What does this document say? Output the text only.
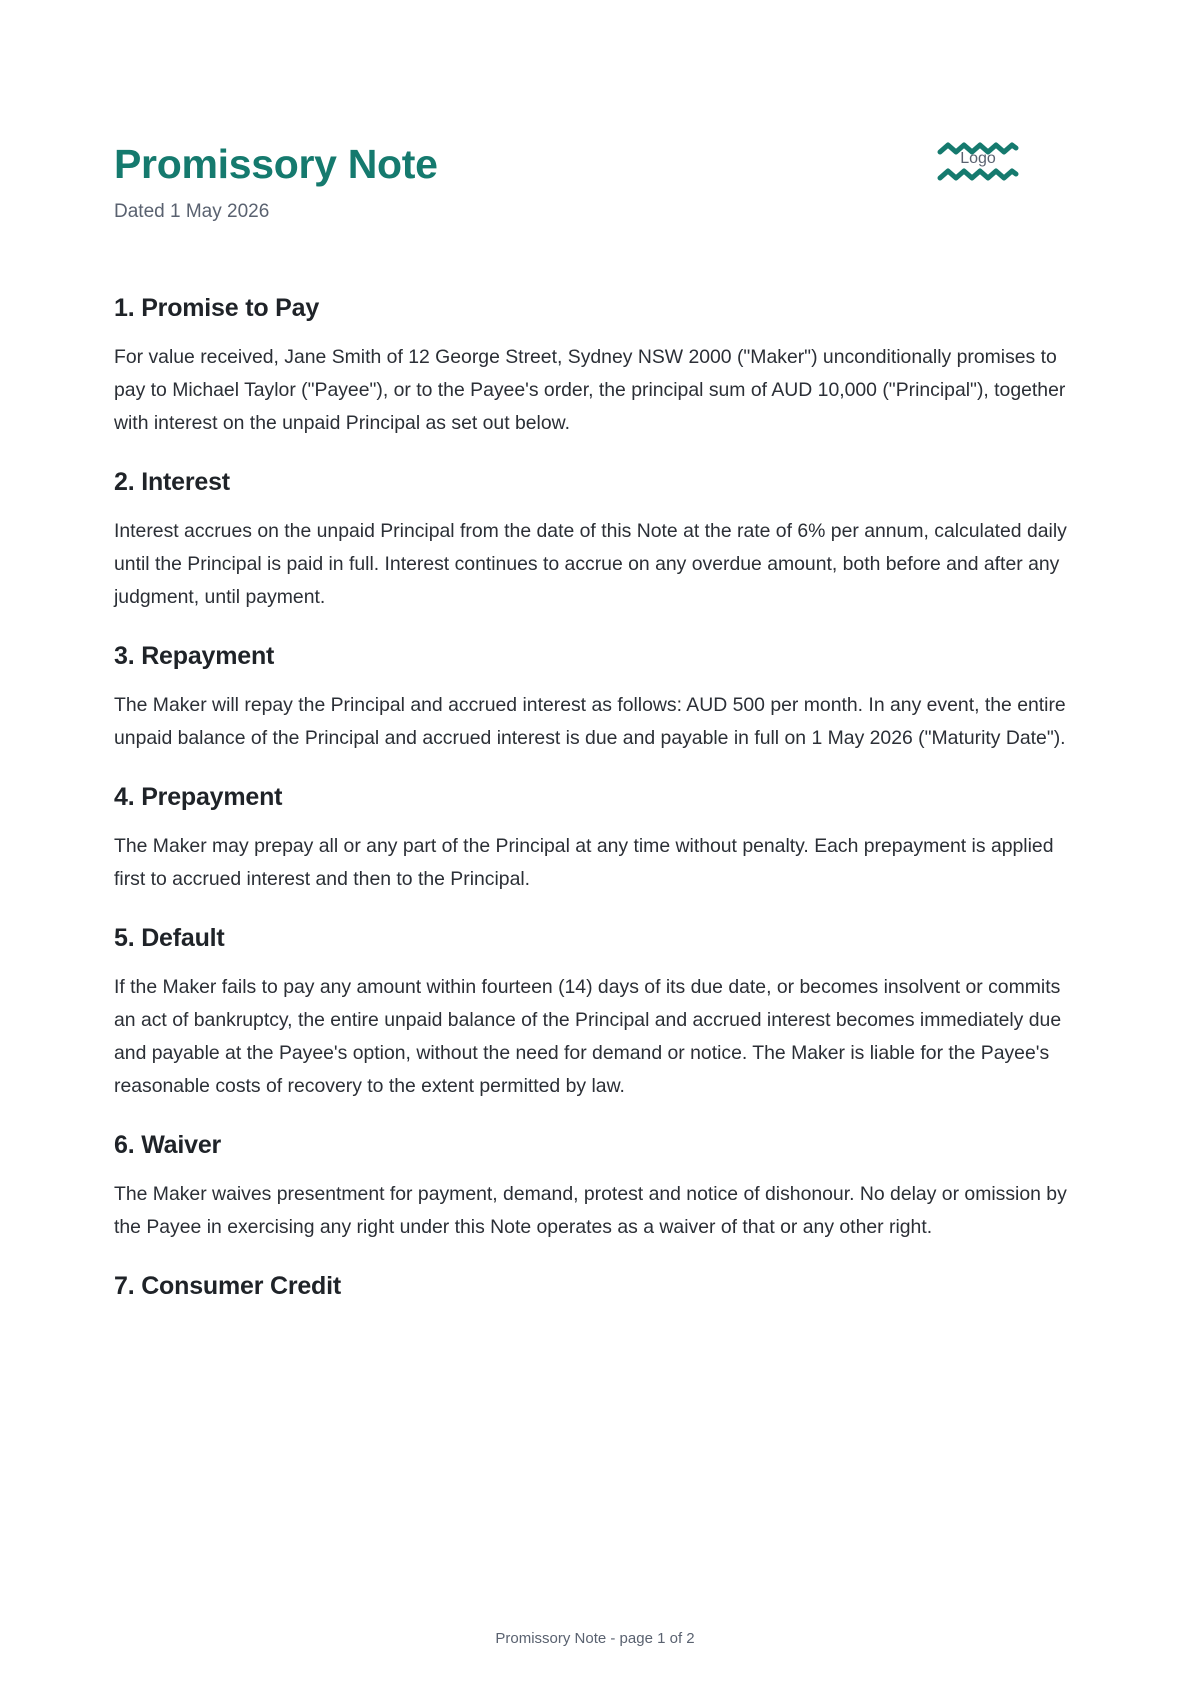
Promissory Note
Dated 1 May 2026
Logo
1. Promise to Pay

For value received, Jane Smith of 12 George Street, Sydney NSW 2000 ("Maker") unconditionally promises to pay to Michael Taylor ("Payee"), or to the Payee's order, the principal sum of AUD 10,000 ("Principal"), together with interest on the unpaid Principal as set out below.

2. Interest

Interest accrues on the unpaid Principal from the date of this Note at the rate of 6% per annum, calculated daily until the Principal is paid in full. Interest continues to accrue on any overdue amount, both before and after any judgment, until payment.

3. Repayment

The Maker will repay the Principal and accrued interest as follows: AUD 500 per month. In any event, the entire unpaid balance of the Principal and accrued interest is due and payable in full on 1 May 2026 ("Maturity Date").

4. Prepayment

The Maker may prepay all or any part of the Principal at any time without penalty. Each prepayment is applied first to accrued interest and then to the Principal.

5. Default

If the Maker fails to pay any amount within fourteen (14) days of its due date, or becomes insolvent or commits an act of bankruptcy, the entire unpaid balance of the Principal and accrued interest becomes immediately due and payable at the Payee's option, without the need for demand or notice. The Maker is liable for the Payee's reasonable costs of recovery to the extent permitted by law.

6. Waiver

The Maker waives presentment for payment, demand, protest and notice of dishonour. No delay or omission by the Payee in exercising any right under this Note operates as a waiver of that or any other right.

7. Consumer Credit
Promissory Note - page 1 of 2
